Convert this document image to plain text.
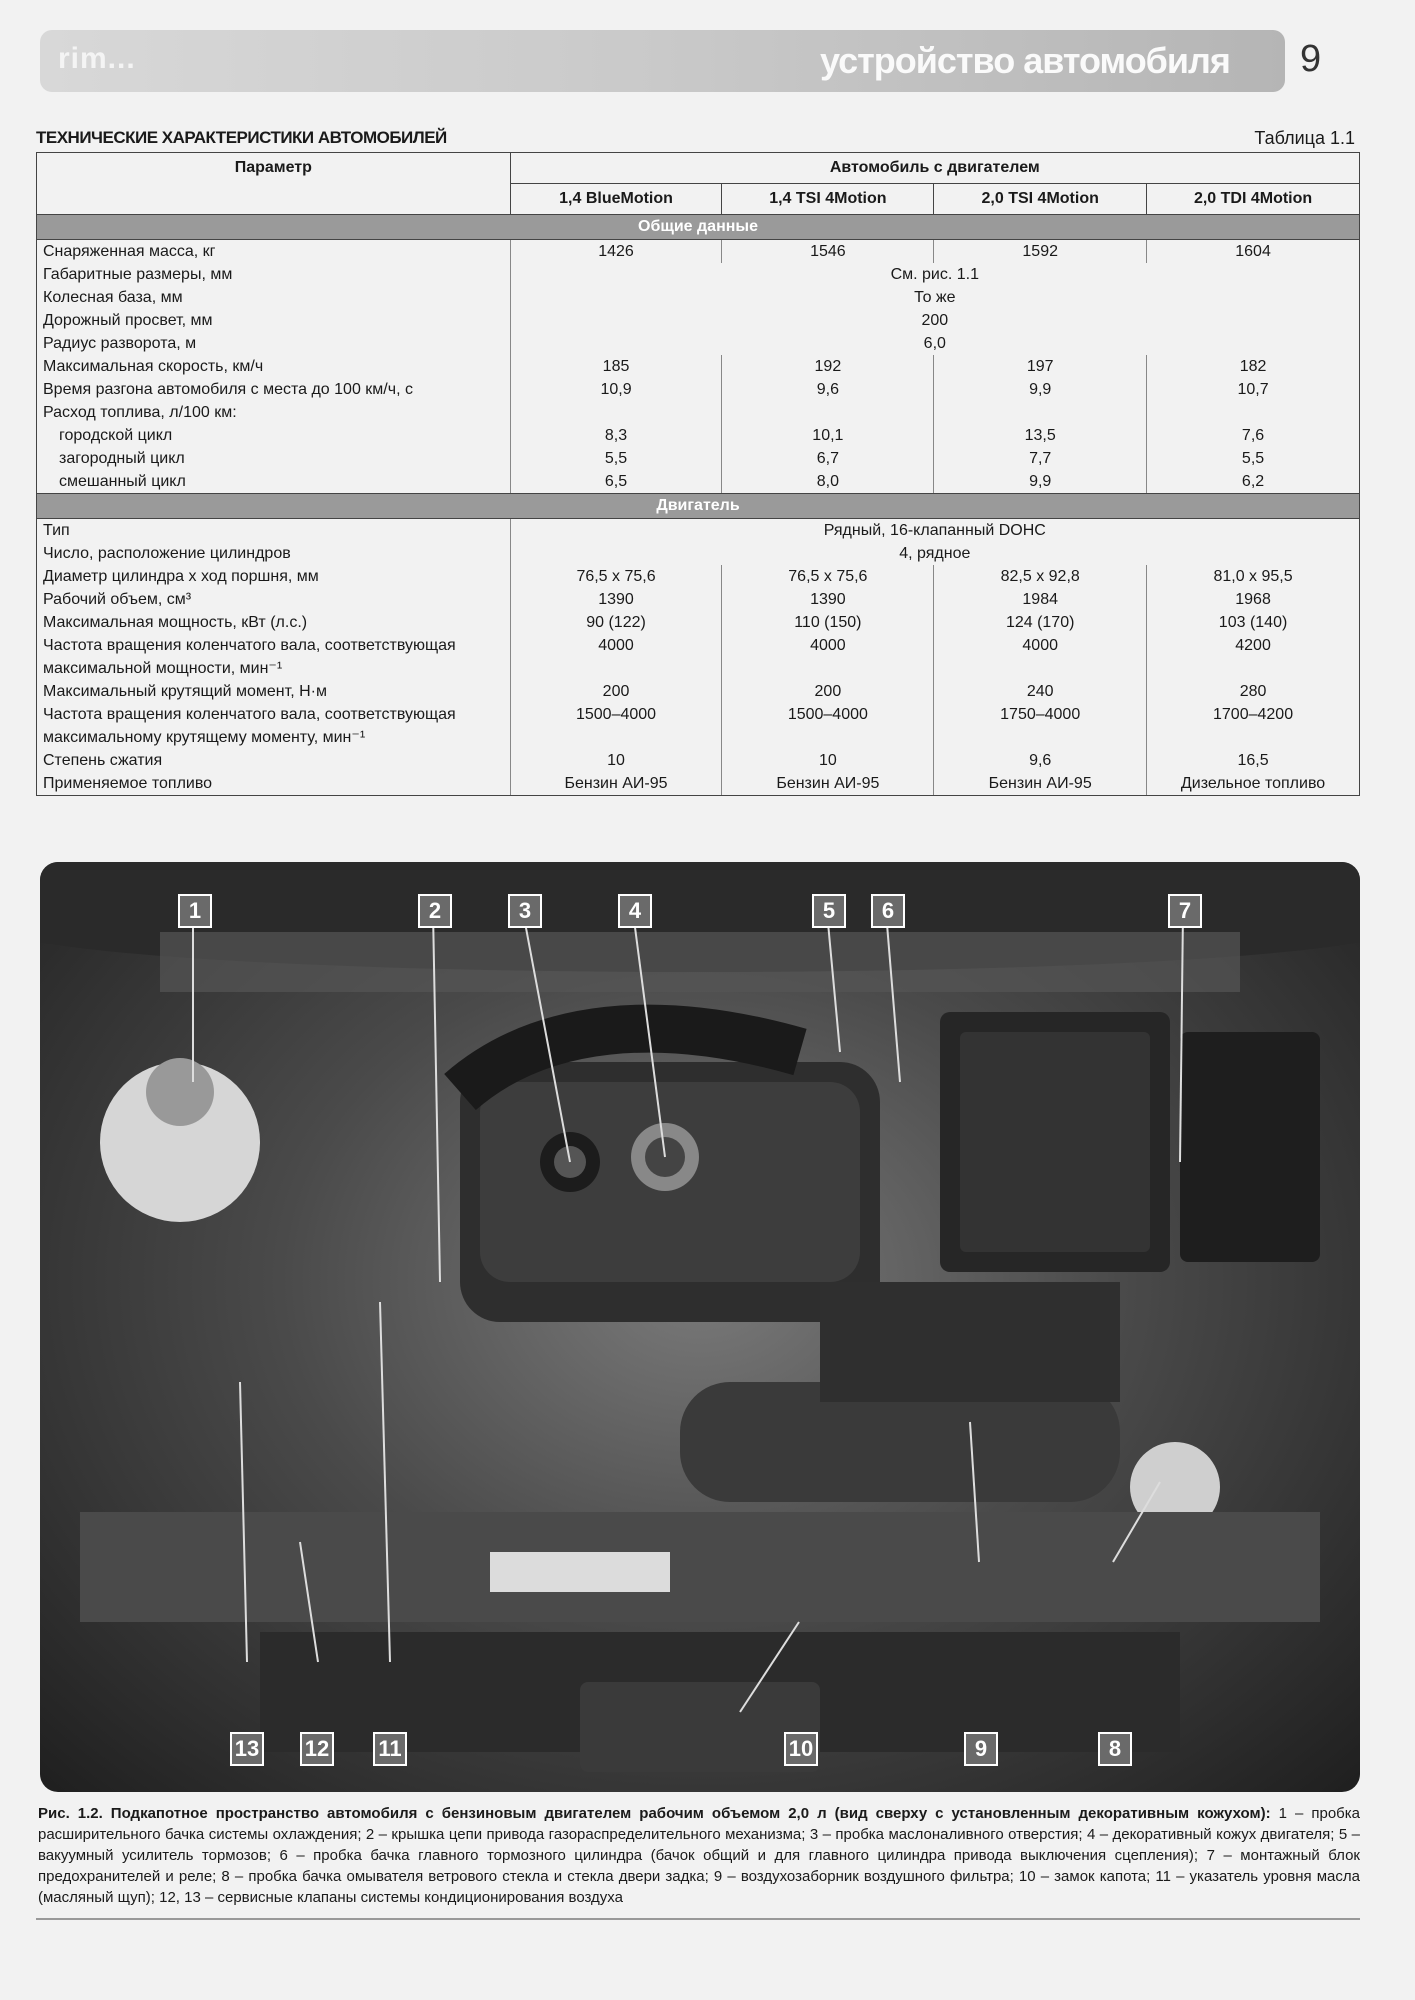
rim...	устройство автомобиля 9
ТЕХНИЧЕСКИЕ ХАРАКТЕРИСТИКИ АВТОМОБИЛЕЙ	Таблица 1.1
Параметр	Автомобиль с двигателем			
	1,4 BlueMotion	1,4 TSI 4Motion	2,0 TSI 4Motion	2,0 TDI 4Motion
Общие данные				
Снаряженная масса, кг	1426	1546	1592	1604
Габаритные размеры, мм	См. рис. 1.1			
Колесная база, мм	То же			
Дорожный просвет, мм	200			
Радиус разворота, м	6,0			
Максимальная скорость, км/ч	185	192	197	182
Время разгона автомобиля с места до 100 км/ч, с	10,9	9,6	9,9	10,7
Расход топлива, л/100 км:				
городской цикл	8,3	10,1	13,5	7,6
загородный цикл	5,5	6,7	7,7	5,5
смешанный цикл	6,5	8,0	9,9	6,2
Двигатель				
Тип	Рядный, 16-клапанный DOHC			
Число, расположение цилиндров	4, рядное			
Диаметр цилиндра x ход поршня, мм	76,5 x 75,6	76,5 x 75,6	82,5 x 92,8	81,0 x 95,5
Рабочий объем, см³	1390	1390	1984	1968
Максимальная мощность, кВт (л.с.)	90 (122)	110 (150)	124 (170)	103 (140)
Частота вращения коленчатого вала, соответствующая максимальной мощности, мин⁻¹	4000	4000	4000	4200
Максимальный крутящий момент, Н·м	200	200	240	280
Частота вращения коленчатого вала, соответствующая максимальному крутящему моменту, мин⁻¹	1500–4000	1500–4000	1750–4000	1700–4200
Степень сжатия	10	10	9,6	16,5
Применяемое топливо	Бензин АИ-95	Бензин АИ-95	Бензин АИ-95	Дизельное топливо
1	2	3	4	5	6	7
8
9
10
11
12
13
Рис. 1.2. Подкапотное пространство автомобиля с бензиновым двигателем рабочим объемом 2,0 л (вид сверху с установленным декоративным кожухом): 1 – пробка расширительного бачка системы охлаждения; 2 – крышка цепи привода газораспределительного механизма; 3 – пробка маслоналивного отверстия; 4 – декоративный кожух двигателя; 5 – вакуумный усилитель тормозов; 6 – пробка бачка главного тормозного цилиндра (бачок общий и для главного цилиндра привода выключения сцепления); 7 – монтажный блок предохранителей и реле; 8 – пробка бачка омывателя ветрового стекла и стекла двери задка; 9 – воздухозаборник воздушного фильтра; 10 – замок капота; 11 – указатель уровня масла (масляный щуп); 12, 13 – сервисные клапаны системы кондиционирования воздуха
